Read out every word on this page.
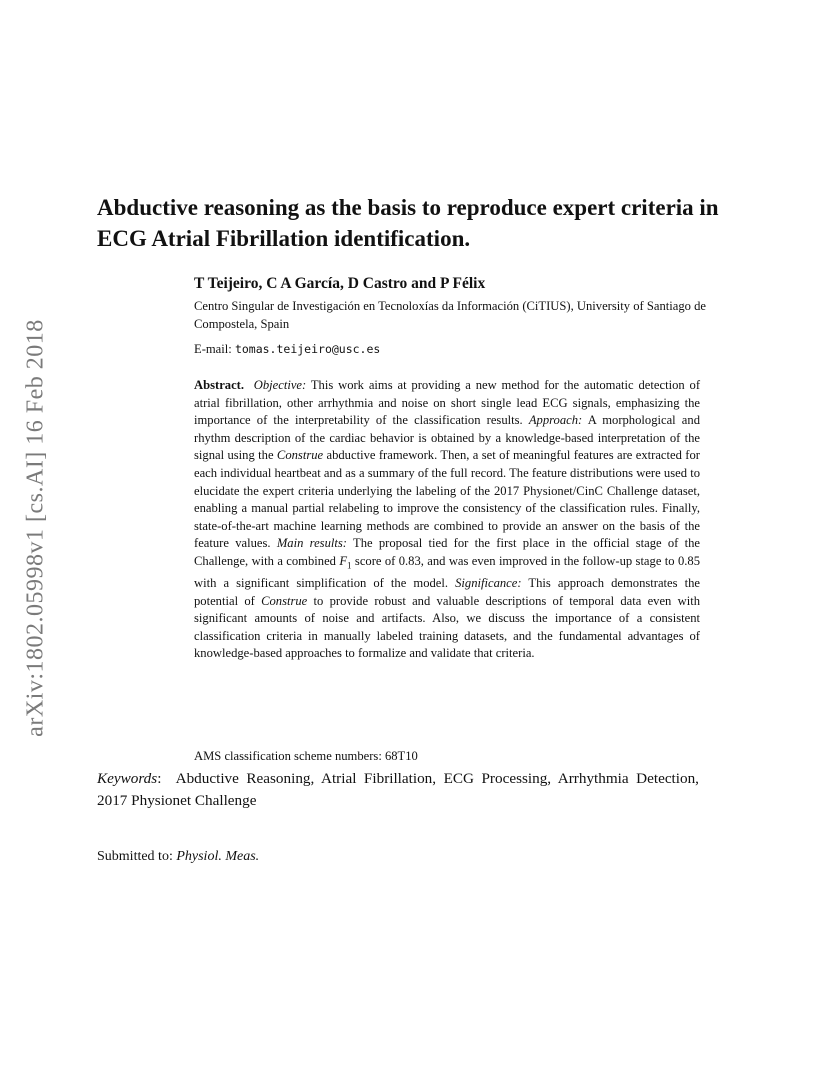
arXiv:1802.05998v1 [cs.AI] 16 Feb 2018
Abductive reasoning as the basis to reproduce expert criteria in ECG Atrial Fibrillation identification.
T Teijeiro, C A García, D Castro and P Félix
Centro Singular de Investigación en Tecnoloxías da Información (CiTIUS), University of Santiago de Compostela, Spain
E-mail: tomas.teijeiro@usc.es
Abstract. Objective: This work aims at providing a new method for the automatic detection of atrial fibrillation, other arrhythmia and noise on short single lead ECG signals, emphasizing the importance of the interpretability of the classification results. Approach: A morphological and rhythm description of the cardiac behavior is obtained by a knowledge-based interpretation of the signal using the Construe abductive framework. Then, a set of meaningful features are extracted for each individual heartbeat and as a summary of the full record. The feature distributions were used to elucidate the expert criteria underlying the labeling of the 2017 Physionet/CinC Challenge dataset, enabling a manual partial relabeling to improve the consistency of the classification rules. Finally, state-of-the-art machine learning methods are combined to provide an answer on the basis of the feature values. Main results: The proposal tied for the first place in the official stage of the Challenge, with a combined $F_1$ score of 0.83, and was even improved in the follow-up stage to 0.85 with a significant simplification of the model. Significance: This approach demonstrates the potential of Construe to provide robust and valuable descriptions of temporal data even with significant amounts of noise and artifacts. Also, we discuss the importance of a consistent classification criteria in manually labeled training datasets, and the fundamental advantages of knowledge-based approaches to formalize and validate that criteria.
AMS classification scheme numbers: 68T10
Keywords:  Abductive Reasoning, Atrial Fibrillation, ECG Processing, Arrhythmia Detection, 2017 Physionet Challenge
Submitted to: Physiol. Meas.
